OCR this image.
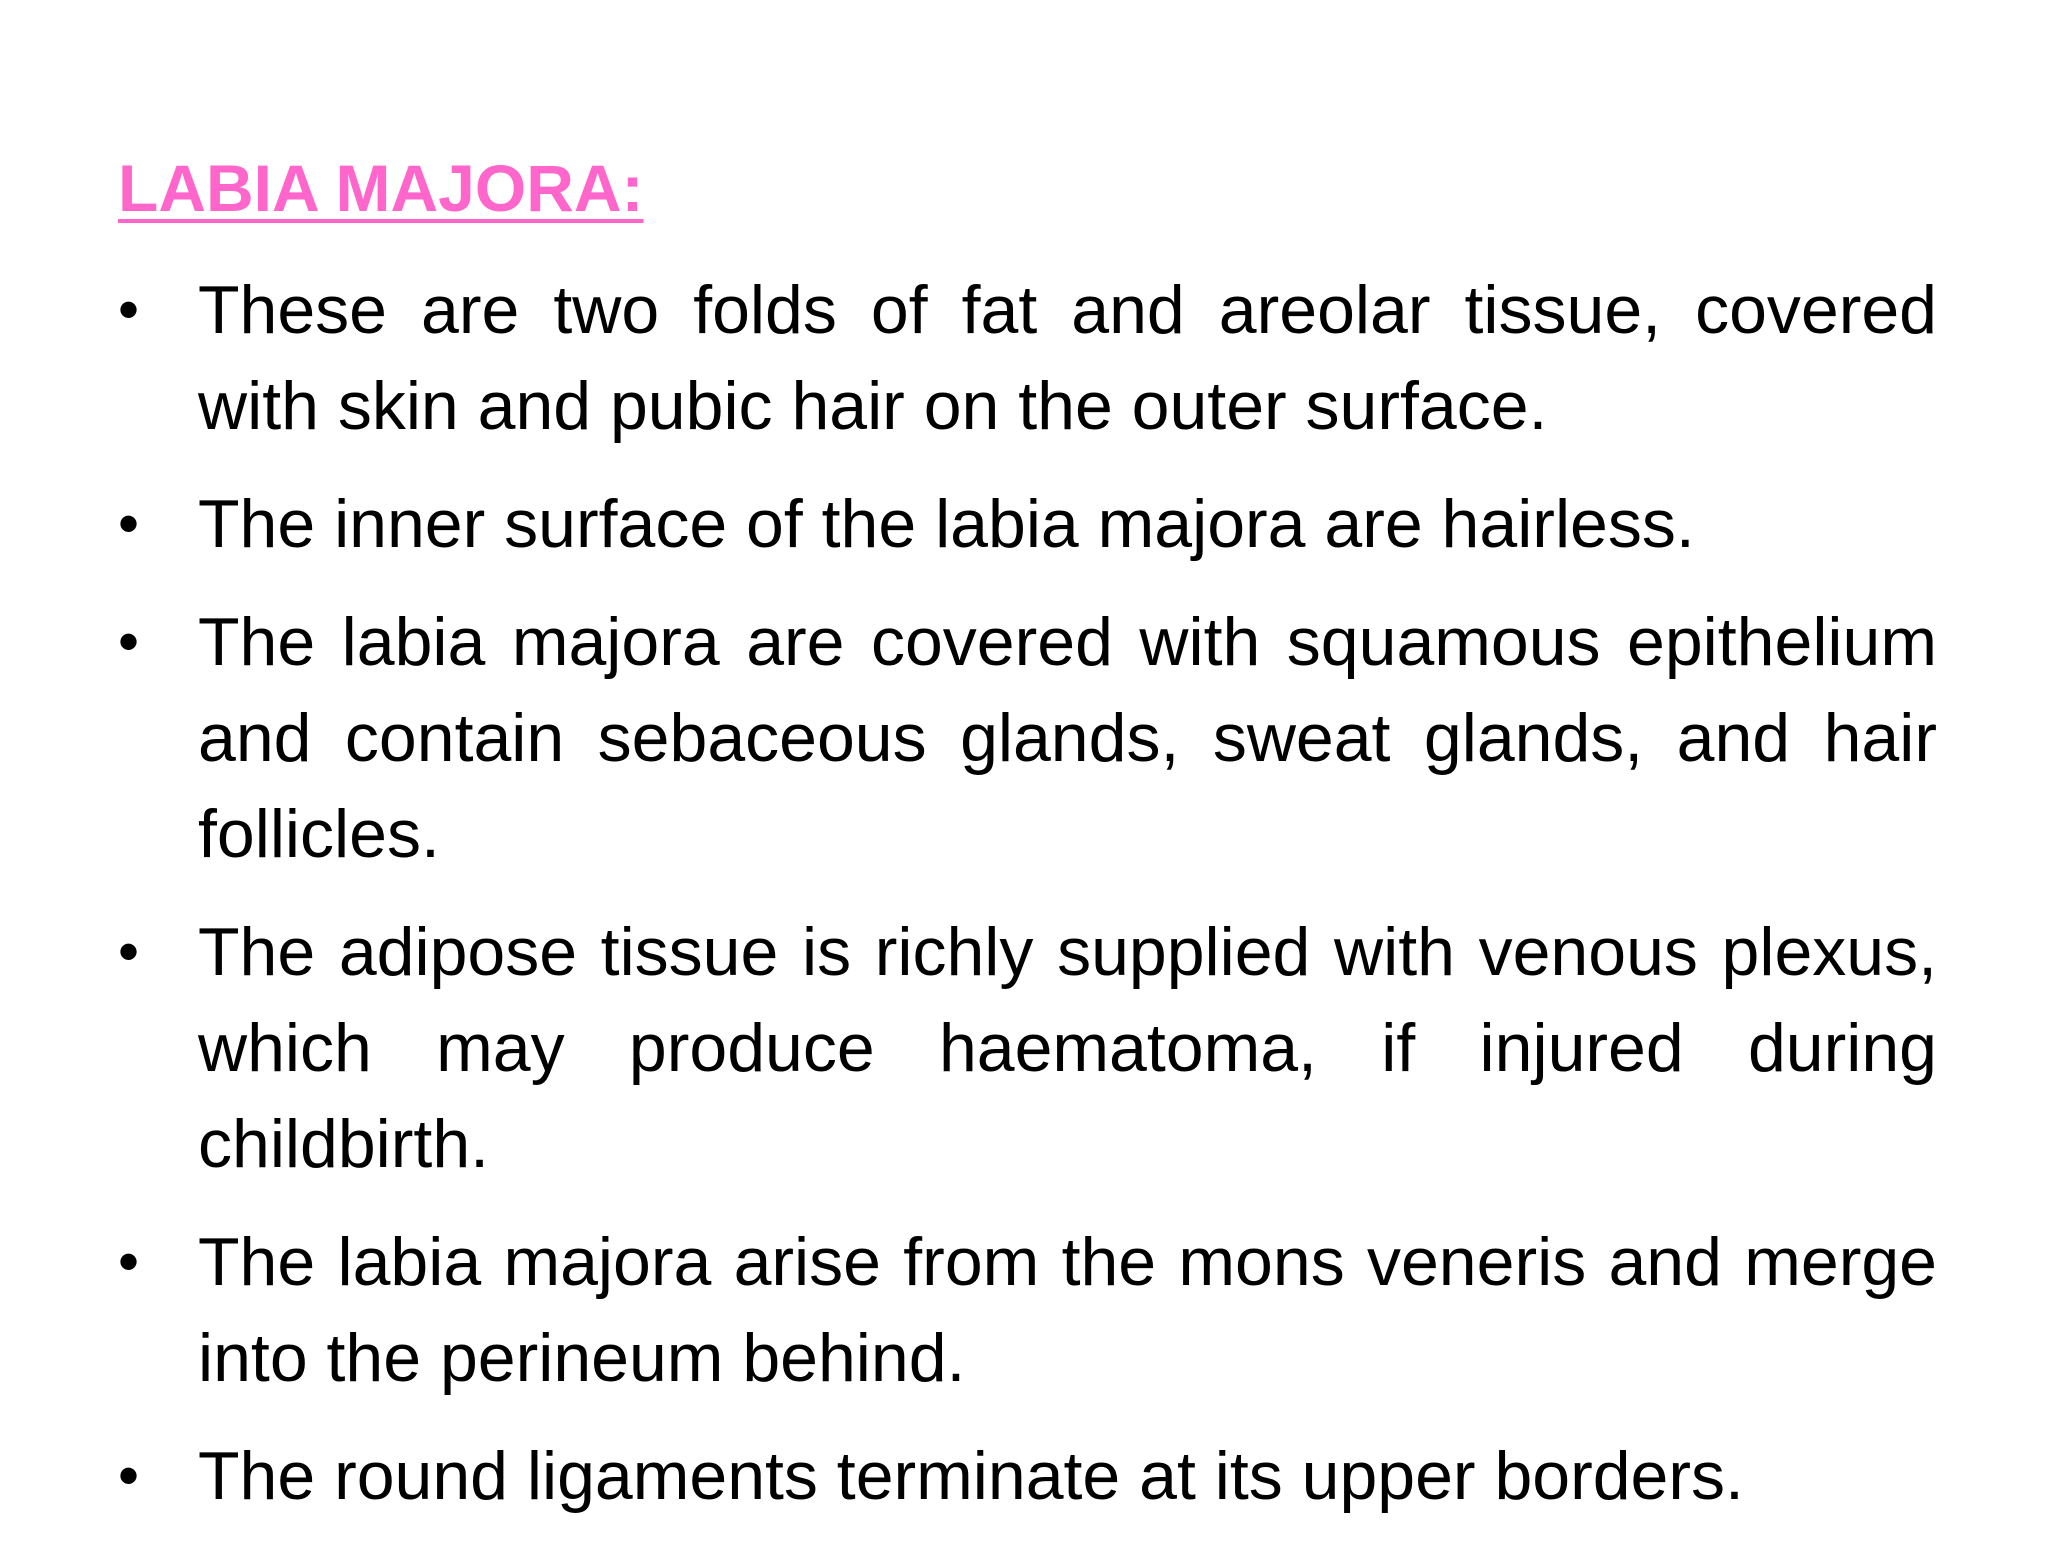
LABIA MAJORA:
• These are two folds of fat and areolar tissue, covered with skin and pubic hair on the outer surface.
• The inner surface of the labia majora are hairless.
• The labia majora are covered with squamous epithelium and contain sebaceous glands, sweat glands, and hair follicles.
• The adipose tissue is richly supplied with venous plexus, which may produce haematoma, if injured during childbirth.
• The labia majora arise from the mons veneris and merge into the perineum behind.
• The round ligaments terminate at its upper borders.
